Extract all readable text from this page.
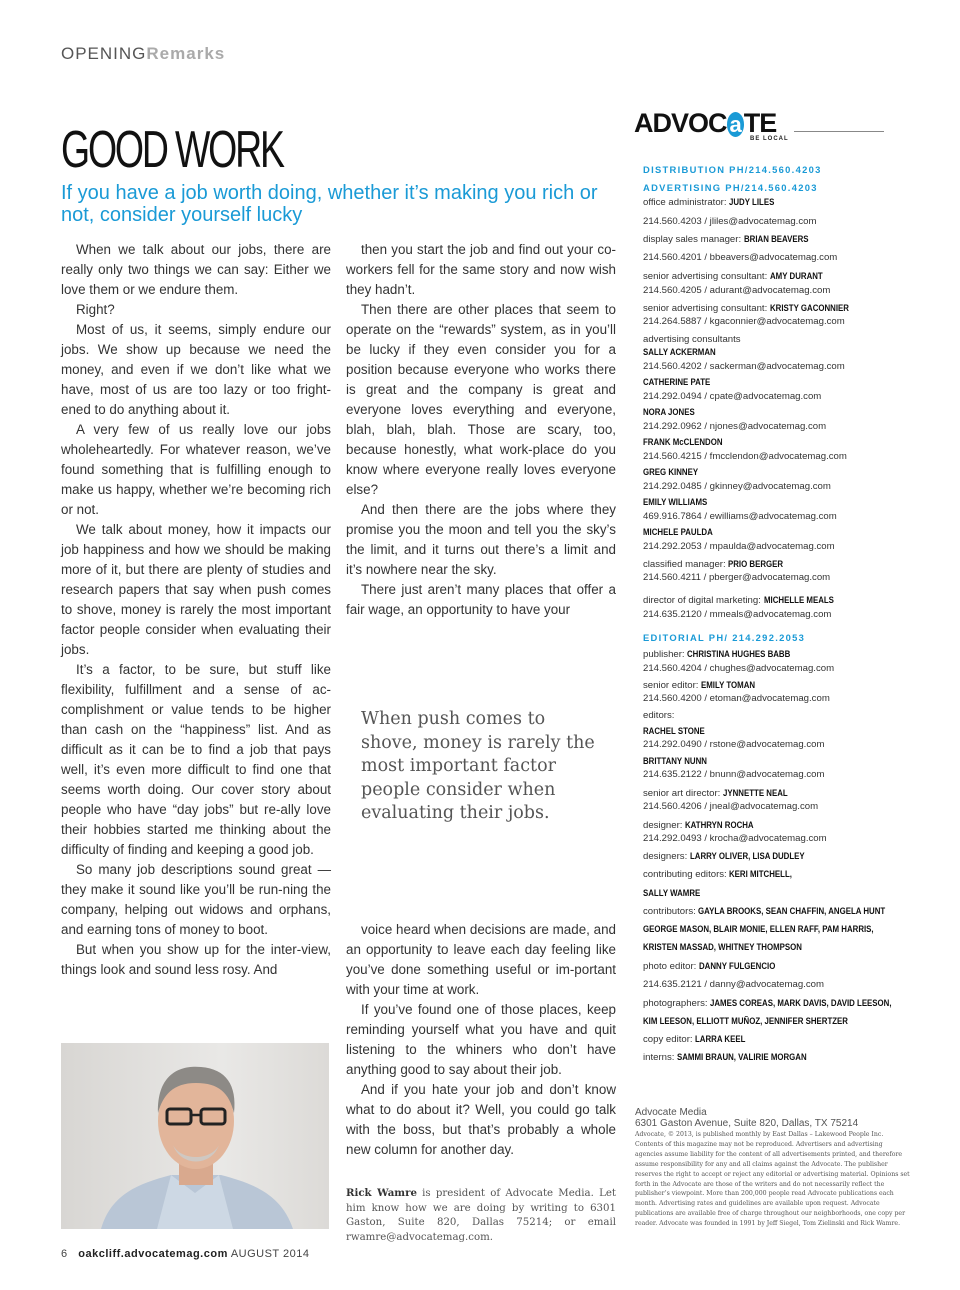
OPENINGRemarks
GOOD WORK
If you have a job worth doing, whether it’s making you rich or not, consider yourself lucky

When we talk about our jobs, there are really only two things we can say: Either we love them or we endure them.

Right?

Most of us, it seems, simply endure our jobs. We show up because we need the money, and even if we don’t like what we have, most of us are too lazy or too fright-ened to do anything about it.

A very few of us really love our jobs wholeheartedly. For whatever reason, we’ve found something that is fulfilling enough to make us happy, whether we’re becoming rich or not.

We talk about money, how it impacts our job happiness and how we should be making more of it, but there are plenty of studies and research papers that say when push comes to shove, money is rarely the most important factor people consider when evaluating their jobs.

It’s a factor, to be sure, but stuff like flexibility, fulfillment and a sense of ac-complishment or value tends to be higher than cash on the “happiness” list. And as difficult as it can be to find a job that pays well, it’s even more difficult to find one that seems worth doing. Our cover story about people who have “day jobs” but re-ally love their hobbies started me thinking about the difficulty of finding and keeping a good job.

So many job descriptions sound great — they make it sound like you’ll be run-ning the company, helping out widows and orphans, and earning tons of money to boot.

But when you show up for the inter-view, things look and sound less rosy. And

then you start the job and find out your co-workers fell for the same story and now wish they hadn’t.

Then there are other places that seem to operate on the “rewards” system, as in you’ll be lucky if they even consider you for a position because everyone who works there is great and the company is great and everyone loves everything and everyone, blah, blah, blah. Those are scary, too, because honestly, what work-place do you know where everyone really loves everyone else?

And then there are the jobs where they promise you the moon and tell you the sky’s the limit, and it turns out there’s a limit and it’s nowhere near the sky.

There just aren’t many places that offer a fair wage, an opportunity to have your

When push comes to shove, money is rarely the most important factor people consider when evaluating their jobs.

voice heard when decisions are made, and an opportunity to leave each day feeling like you’ve done something useful or im-portant with your time at work.

If you’ve found one of those places, keep reminding yourself what you have and quit listening to the whiners who don’t have anything good to say about their job.

And if you hate your job and don’t know what to do about it? Well, you could go talk with the boss, but that’s probably a whole new column for another day.

Rick Wamre is president of Advocate Media. Let him know how we are doing by writing to 6301 Gaston, Suite 820, Dallas 75214; or email rwamre@advocatemag.com.
6 oakcliff.advocatemag.com AUGUST 2014
ADVOC a TE
BE LOCAL
DISTRIBUTION PH/214.560.4203
ADVERTISING PH/214.560.4203
office administrator: JUDY LILES
214.560.4203 / jliles@advocatemag.com
display sales manager: BRIAN BEAVERS
214.560.4201 / bbeavers@advocatemag.com
senior advertising consultant: AMY DURANT
214.560.4205 / adurant@advocatemag.com
senior advertising consultant: KRISTY GACONNIER
214.264.5887 / kgaconnier@advocatemag.com
advertising consultants
SALLY ACKERMAN
214.560.4202 / sackerman@advocatemag.com
CATHERINE PATE
214.292.0494 / cpate@advocatemag.com
NORA JONES
214.292.0962 / njones@advocatemag.com
FRANK McCLENDON
214.560.4215 / fmcclendon@advocatemag.com
GREG KINNEY
214.292.0485 / gkinney@advocatemag.com
EMILY WILLIAMS
469.916.7864 / ewilliams@advocatemag.com
MICHELE PAULDA
214.292.2053 / mpaulda@advocatemag.com
classified manager: PRIO BERGER
214.560.4211 / pberger@advocatemag.com
director of digital marketing: MICHELLE MEALS
214.635.2120 / mmeals@advocatemag.com
EDITORIAL PH/ 214.292.2053
publisher: CHRISTINA HUGHES BABB
214.560.4204 / chughes@advocatemag.com
senior editor: EMILY TOMAN
214.560.4200 / etoman@advocatemag.com
editors:
RACHEL STONE
214.292.0490 / rstone@advocatemag.com
BRITTANY NUNN
214.635.2122 / bnunn@advocatemag.com
senior art director: JYNNETTE NEAL
214.560.4206 / jneal@advocatemag.com
designer: KATHRYN ROCHA
214.292.0493 / krocha@advocatemag.com
designers: LARRY OLIVER, LISA DUDLEY
contributing editors: KERI MITCHELL,
SALLY WAMRE
contributors: GAYLA BROOKS, SEAN CHAFFIN, ANGELA HUNT
GEORGE MASON, BLAIR MONIE, ELLEN RAFF, PAM HARRIS,
KRISTEN MASSAD, WHITNEY THOMPSON
photo editor: DANNY FULGENCIO
214.635.2121 / danny@advocatemag.com
photographers: JAMES COREAS, MARK DAVIS, DAVID LEESON,
KIM LEESON, ELLIOTT MUÑOZ, JENNIFER SHERTZER
copy editor: LARRA KEEL
interns: SAMMI BRAUN, VALIRIE MORGAN
Advocate Media
6301 Gaston Avenue, Suite 820, Dallas, TX 75214
Advocate, © 2013, is published monthly by East Dallas – Lakewood People Inc. Contents of this magazine may not be reproduced. Advertisers and advertising agencies assume liability for the content of all advertisements printed, and therefore assume responsibility for any and all claims against the Advocate. The publisher reserves the right to accept or reject any editorial or advertising material. Opinions set forth in the Advocate are those of the writers and do not necessarily reflect the publisher’s viewpoint. More than 200,000 people read Advocate publications each month. Advertising rates and guidelines are available upon request. Advocate publications are available free of charge throughout our neighborhoods, one copy per reader. Advocate was founded in 1991 by Jeff Siegel, Tom Zielinski and Rick Wamre.
